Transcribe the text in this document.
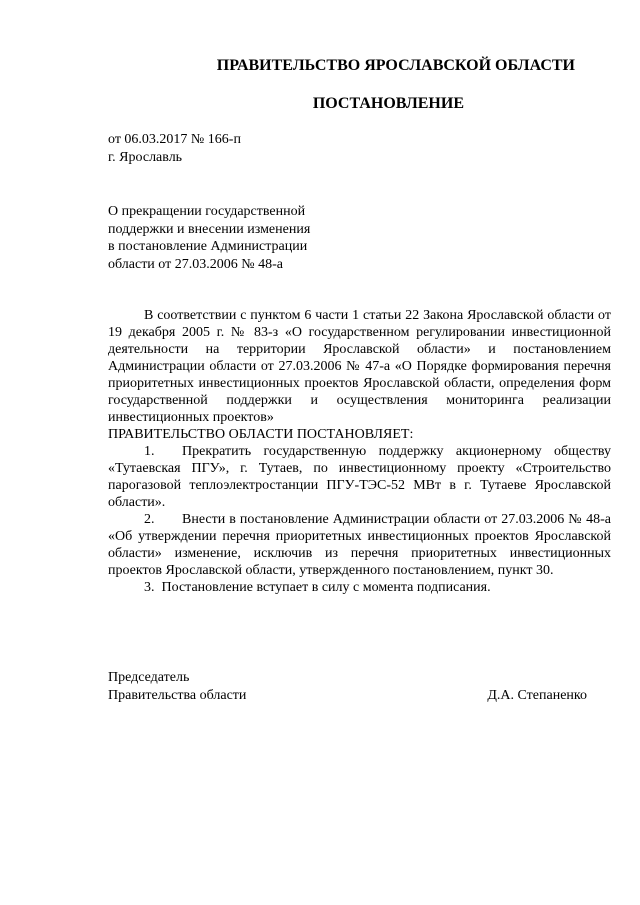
ПРАВИТЕЛЬСТВО ЯРОСЛАВСКОЙ ОБЛАСТИ
ПОСТАНОВЛЕНИЕ
от 06.03.2017 № 166-п
г. Ярославль
О прекращении государственной
поддержки и внесении изменения
в постановление Администрации
области от 27.03.2006 № 48-а

В соответствии с пунктом 6 части 1 статьи 22 Закона Ярославской области от 19 декабря 2005 г. № 83-з «О государственном регулировании инвестиционной деятельности на территории Ярославской области» и постановлением Администрации области от 27.03.2006 № 47-а «О Порядке формирования перечня приоритетных инвестиционных проектов Ярославской области, определения форм государственной поддержки и осуществления мониторинга реализации инвестиционных проектов»

ПРАВИТЕЛЬСТВО ОБЛАСТИ ПОСТАНОВЛЯЕТ:

1. Прекратить государственную поддержку акционерному обществу «Тутаевская ПГУ», г. Тутаев, по инвестиционному проекту «Строительство парогазовой теплоэлектростанции ПГУ-ТЭС-52 МВт в г. Тутаеве Ярославской области».

2. Внести в постановление Администрации области от 27.03.2006 № 48-а «Об утверждении перечня приоритетных инвестиционных проектов Ярославской области» изменение, исключив из перечня приоритетных инвестиционных проектов Ярославской области, утвержденного постановлением, пункт 30.

3. Постановление вступает в силу с момента подписания.

Председатель
Правительства области	Д.А. Степаненко
